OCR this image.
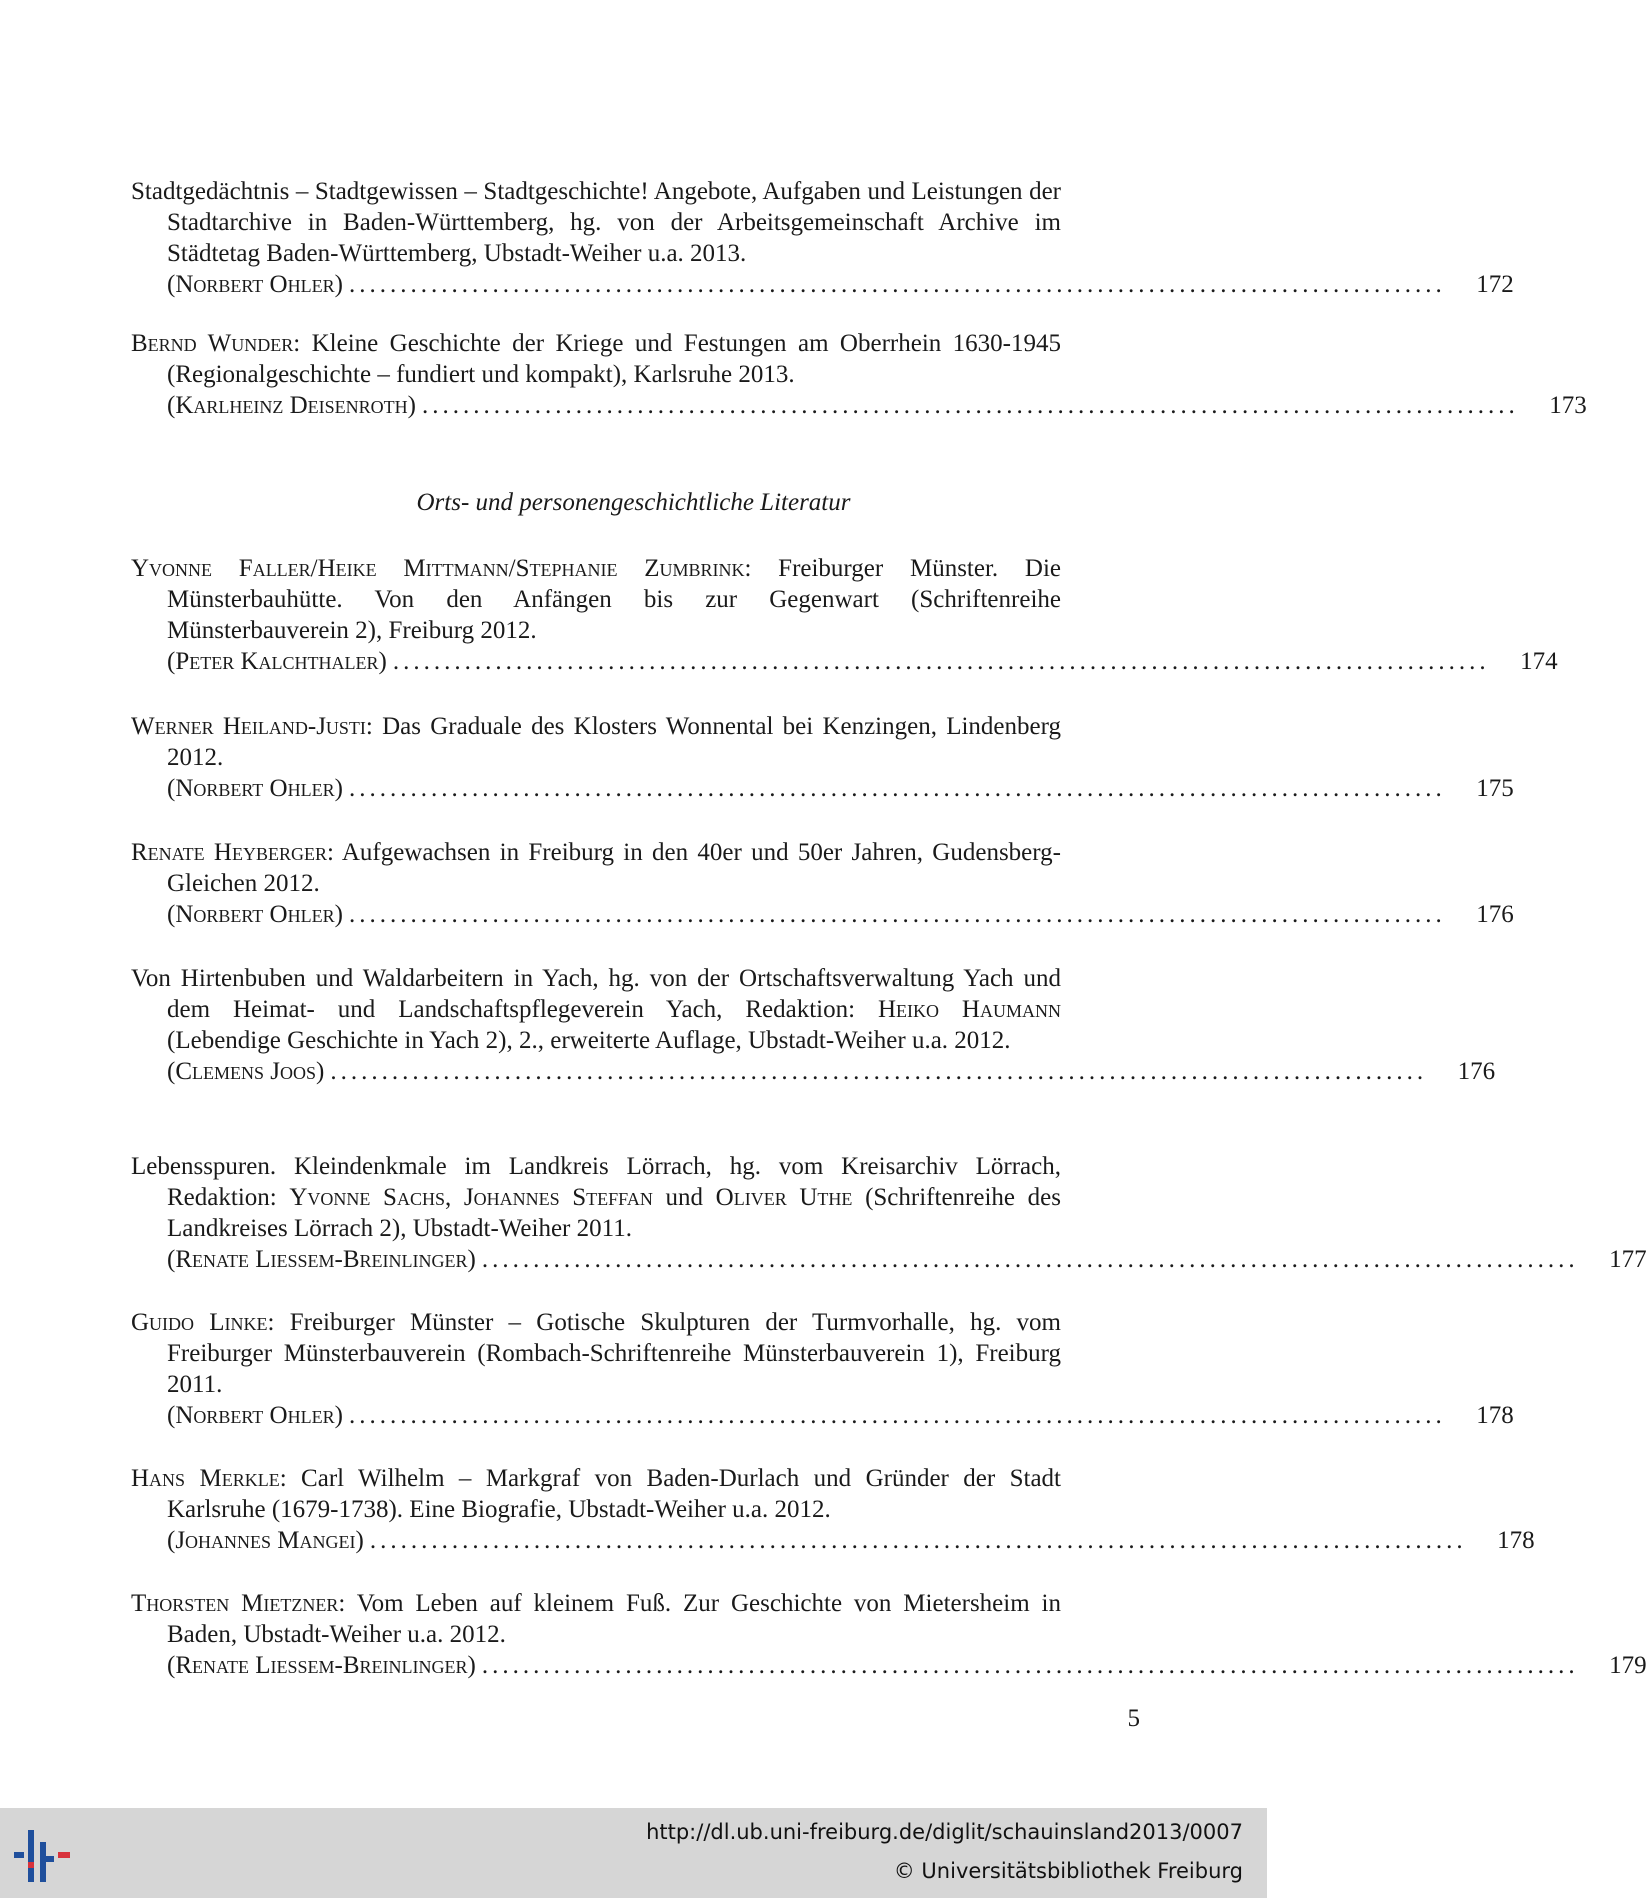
Stadtgedächtnis – Stadtgewissen – Stadtgeschichte! Angebote, Aufgaben und Leistungen der Stadtarchive in Baden-Württemberg, hg. von der Arbeitsgemeinschaft Archive im Städtetag Baden-Württemberg, Ubstadt-Weiher u.a. 2013.

(Norbert Ohler) ...........................................................................................................	172

Bernd Wunder: Kleine Geschichte der Kriege und Festungen am Oberrhein 1630-1945 (Regionalgeschichte – fundiert und kompakt), Karlsruhe 2013.

(Karlheinz Deisenroth) ...........................................................................................................	173
Orts- und personengeschichtliche Literatur

Yvonne Faller/Heike Mittmann/Stephanie Zumbrink: Freiburger Münster. Die Münsterbauhütte. Von den Anfängen bis zur Gegenwart (Schriftenreihe Münsterbauverein 2), Freiburg 2012.

(Peter Kalchthaler) ...........................................................................................................	174

Werner Heiland-Justi: Das Graduale des Klosters Wonnental bei Kenzingen, Lindenberg 2012.

(Norbert Ohler) ...........................................................................................................	175

Renate Heyberger: Aufgewachsen in Freiburg in den 40er und 50er Jahren, Gudensberg-Gleichen 2012.

(Norbert Ohler) ...........................................................................................................	176

Von Hirtenbuben und Waldarbeitern in Yach, hg. von der Ortschaftsverwaltung Yach und dem Heimat- und Landschaftspflegeverein Yach, Redaktion: Heiko Haumann (Lebendige Geschichte in Yach 2), 2., erweiterte Auflage, Ubstadt-Weiher u.a. 2012.

(Clemens Joos) ...........................................................................................................	176

Lebensspuren. Kleindenkmale im Landkreis Lörrach, hg. vom Kreisarchiv Lörrach, Redaktion: Yvonne Sachs, Johannes Steffan und Oliver Uthe (Schriftenreihe des Landkreises Lörrach 2), Ubstadt-Weiher 2011.

(Renate Liessem-Breinlinger) ...........................................................................................................	177

Guido Linke: Freiburger Münster – Gotische Skulpturen der Turmvorhalle, hg. vom Freiburger Münsterbauverein (Rombach-Schriftenreihe Münsterbauverein 1), Freiburg 2011.

(Norbert Ohler) ...........................................................................................................	178

Hans Merkle: Carl Wilhelm – Markgraf von Baden-Durlach und Gründer der Stadt Karlsruhe (1679-1738). Eine Biografie, Ubstadt-Weiher u.a. 2012.

(Johannes Mangei) ...........................................................................................................	178

Thorsten Mietzner: Vom Leben auf kleinem Fuß. Zur Geschichte von Mietersheim in Baden, Ubstadt-Weiher u.a. 2012.

(Renate Liessem-Breinlinger) ...........................................................................................................	179
5
http://dl.ub.uni-freiburg.de/diglit/schauinsland2013/0007
© Universitätsbibliothek Freiburg
